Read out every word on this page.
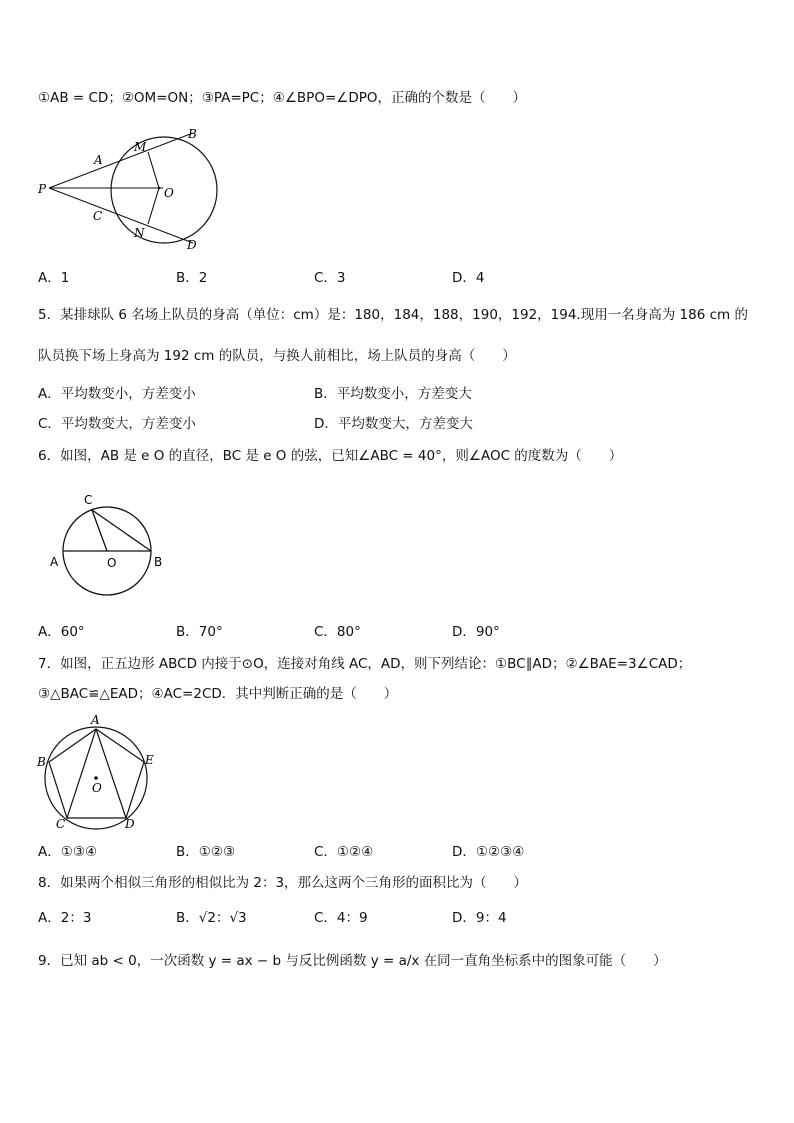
①AB = CD；②OM=ON；③PA=PC；④∠BPO=∠DPO，正确的个数是（　　）
P
A
M
B
O
C
N
D
A．1	B．2	C．3	D．4
5．某排球队 6 名场上队员的身高（单位：cm）是：180，184，188，190，192，194.现用一名身高为 186 cm 的
队员换下场上身高为 192 cm 的队员，与换人前相比，场上队员的身高（　　）
A．平均数变小，方差变小	B．平均数变小，方差变大
C．平均数变大，方差变小	D．平均数变大，方差变大
6．如图，AB 是 e O 的直径，BC 是 e O 的弦，已知∠ABC = 40°，则∠AOC 的度数为（　　）
C
A	O	B
A．60°	B．70°	C．80°	D．90°
7．如图，正五边形 ABCD 内接于⊙O，连接对角线 AC，AD，则下列结论：①BC∥AD；②∠BAE=3∠CAD；
③△BAC≌△EAD；④AC=2CD．其中判断正确的是（　　）
A
B
C	D
E
O
A．①③④	B．①②③	C．①②④	D．①②③④
8．如果两个相似三角形的相似比为 2：3，那么这两个三角形的面积比为（　　）
A．2：3	B．√2：√3	C．4：9	D．9：4
9．已知 ab < 0，一次函数 y = ax − b 与反比例函数 y = a/x 在同一直角坐标系中的图象可能（　　）
